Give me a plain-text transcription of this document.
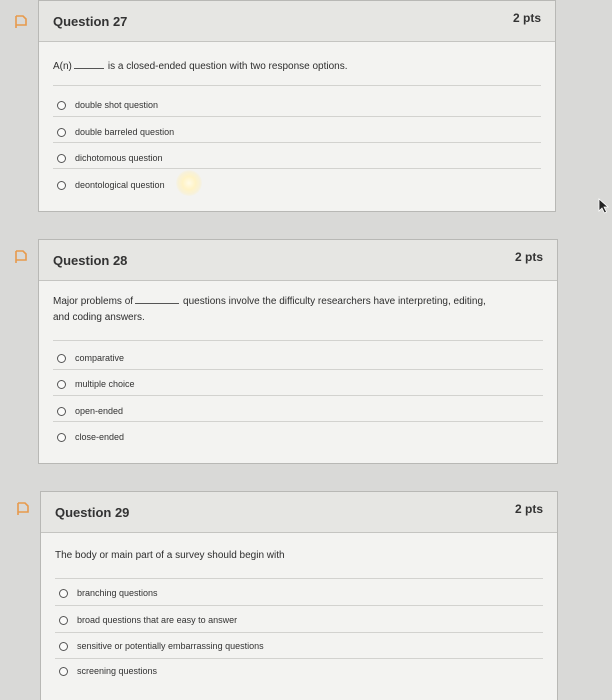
Question 27	2 pts
A(n)	is a closed-ended question with two response options.
double shot question
double barreled question
dichotomous question
deontological question
Question 28	2 pts
Major problems of	questions involve the difficulty researchers have interpreting, editing,
and coding answers.
comparative
multiple choice
open-ended
close-ended
Question 29	2 pts
The body or main part of a survey should begin with
branching questions
broad questions that are easy to answer
sensitive or potentially embarrassing questions
screening questions
